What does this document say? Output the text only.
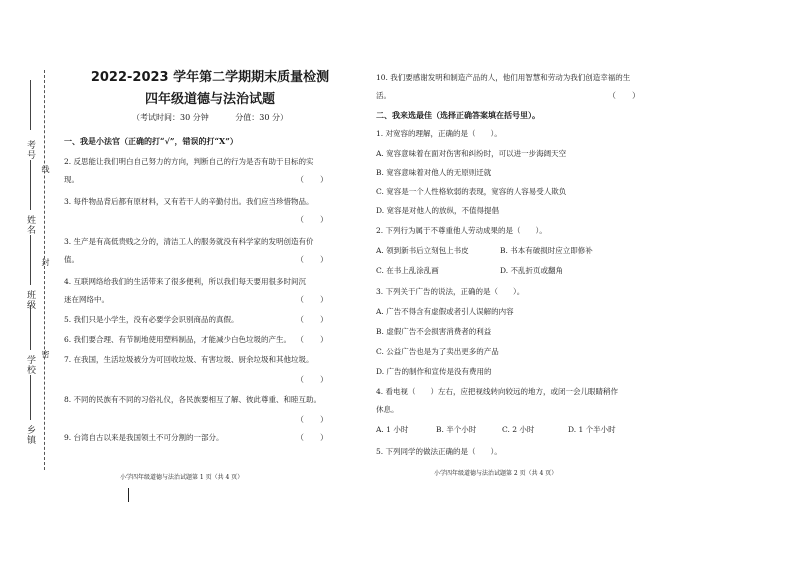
考号
姓名
班级
学校
乡镇
线
封
密
2022-2023 学年第二学期期末质量检测
四年级道德与法治试题
（考试时间：30 分钟	分值：30 分）
一、我是小法官（正确的打“√”，错误的打“X”）
2. 反思能让我们明白自己努力的方向，判断自己的行为是否有助于目标的实
现。	（　　）
3. 每件物品背后都有原材料，又有若干人的辛勤付出。我们应当珍惜物品。
（　　）
3. 生产是有高低贵贱之分的，清洁工人的服务就没有科学家的发明创造有价
值。	（　　）
4. 互联网络给我们的生活带来了很多便利，所以我们每天要用很多时间沉
迷在网络中。	（　　）
5. 我们只是小学生，没有必要学会识别商品的真假。	（　　）
6. 我们要合理、有节制地使用塑料制品，才能减少白色垃圾的产生。 （　　）
7. 在我国，生活垃圾被分为可回收垃圾、有害垃圾、厨余垃圾和其他垃圾。
（　　）
8. 不同的民族有不同的习俗礼仪，各民族要相互了解、彼此尊重、和睦互助。
（　　）
9. 台湾自古以来是我国领土不可分割的一部分。	（　　）
小学四年级道德与法治试题第 1 页（共 4 页）
10. 我们要感谢发明和制造产品的人，他们用智慧和劳动为我们创造幸福的生
活。	（　　）
二、我来选最佳（选择正确答案填在括号里）。
1. 对宽容的理解，正确的是（　　）。
A. 宽容意味着在面对伤害和纠纷时，可以进一步海阔天空
B. 宽容意味着对他人的无原则迁就
C. 宽容是一个人性格软弱的表现，宽容的人容易受人欺负
D. 宽容是对他人的放纵，不值得提倡
2. 下列行为属于不尊重他人劳动成果的是（　　）。
A. 领到新书后立刻包上书皮	B. 书本有破损时应立即修补
C. 在书上乱涂乱画	D. 不乱折页或翻角
3. 下列关于广告的说法，正确的是（　　）。
A. 广告不得含有虚假或者引人误解的内容
B. 虚假广告不会损害消费者的利益
C. 公益广告也是为了卖出更多的产品
D. 广告的制作和宣传是没有费用的
4. 看电视（　　）左右，应把视线转向较远的地方，或闭一会儿眼睛稍作
休息。
A. 1 小时	B. 半个小时	C. 2 小时	D. 1 个半小时
5. 下列同学的做法正确的是（　　）。
小学四年级道德与法治试题第 2 页（共 4 页）
